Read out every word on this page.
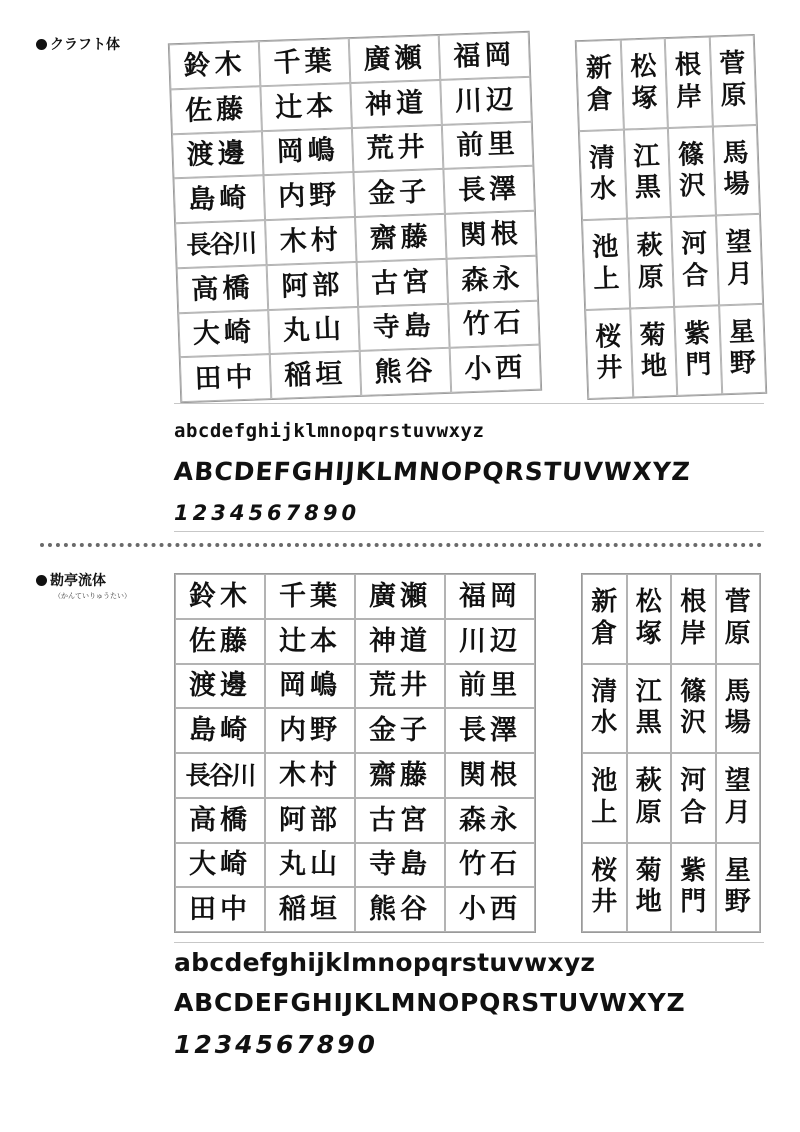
クラフト体
鈴木 千葉 廣瀬 福岡
佐藤 辻本 神道 川辺
渡邊 岡嶋 荒井 前里
島崎 内野 金子 長澤
長谷川 木村 齋藤 関根
高橋 阿部 古宮 森永
大崎 丸山 寺島 竹石
田中 稲垣 熊谷 小西
新倉
松塚
根岸
菅原
清水
江黒
篠沢
馬場
池上
萩原
河合
望月
桜井
菊地
紫門
星野
abcdefghijklmnopqrstuvwxyz
ABCDEFGHIJKLMNOPQRSTUVWXYZ
1234567890
勘亭流体
（かんていりゅうたい） 鈴木 千葉 廣瀬 福岡
佐藤 辻本 神道 川辺
渡邊 岡嶋 荒井 前里
島崎 内野 金子 長澤
長谷川 木村 齋藤 関根
高橋 阿部 古宮 森永
大崎 丸山 寺島 竹石
田中 稲垣 熊谷 小西
新倉
松塚
根岸
菅原
清水
江黒
篠沢
馬場
池上
萩原
河合
望月
桜井
菊地
紫門
星野
abcdefghijklmnopqrstuvwxyz
ABCDEFGHIJKLMNOPQRSTUVWXYZ
1234567890
